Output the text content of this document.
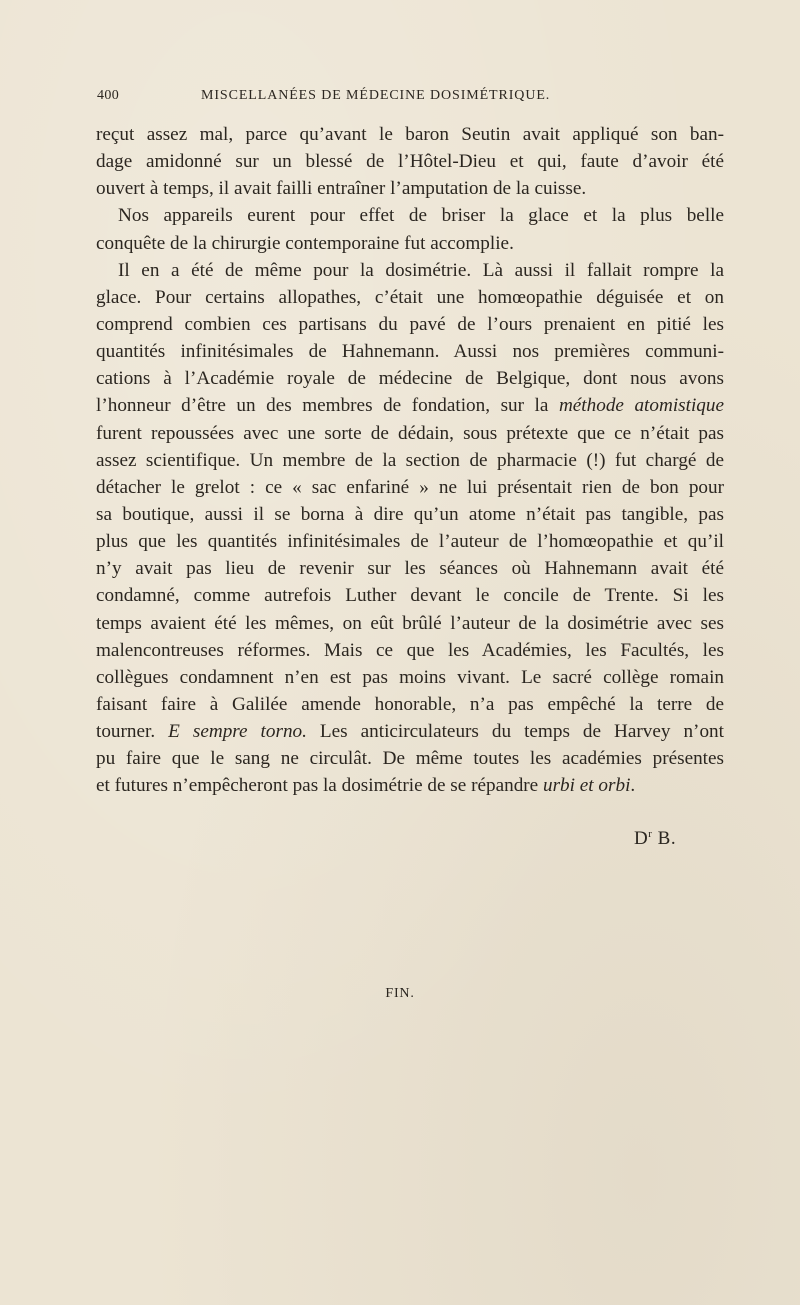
400	MISCELLANÉES DE MÉDECINE DOSIMÉTRIQUE.
reçut assez mal, parce qu’avant le baron Seutin avait appliqué son ban-
dage amidonné sur un blessé de l’Hôtel-Dieu et qui, faute d’avoir été
ouvert à temps, il avait failli entraîner l’amputation de la cuisse.
Nos appareils eurent pour effet de briser la glace et la plus belle
conquête de la chirurgie contemporaine fut accomplie.
Il en a été de même pour la dosimétrie. Là aussi il fallait rompre la
glace. Pour certains allopathes, c’était une homœopathie déguisée et on
comprend combien ces partisans du pavé de l’ours prenaient en pitié les
quantités infinitésimales de Hahnemann. Aussi nos premières communi-
cations à l’Académie royale de médecine de Belgique, dont nous avons
l’honneur d’être un des membres de fondation, sur la méthode atomistique
furent repoussées avec une sorte de dédain, sous prétexte que ce n’était pas
assez scientifique. Un membre de la section de pharmacie (!) fut chargé de
détacher le grelot : ce « sac enfariné » ne lui présentait rien de bon pour
sa boutique, aussi il se borna à dire qu’un atome n’était pas tangible, pas
plus que les quantités infinitésimales de l’auteur de l’homœopathie et qu’il
n’y avait pas lieu de revenir sur les séances où Hahnemann avait été
condamné, comme autrefois Luther devant le concile de Trente. Si les
temps avaient été les mêmes, on eût brûlé l’auteur de la dosimétrie avec ses
malencontreuses réformes. Mais ce que les Académies, les Facultés, les
collègues condamnent n’en est pas moins vivant. Le sacré collège romain
faisant faire à Galilée amende honorable, n’a pas empêché la terre de
tourner. E sempre torno. Les anticirculateurs du temps de Harvey n’ont
pu faire que le sang ne circulât. De même toutes les académies présentes
et futures n’empêcheront pas la dosimétrie de se répandre urbi et orbi.
$D^r$ B.
FIN.
